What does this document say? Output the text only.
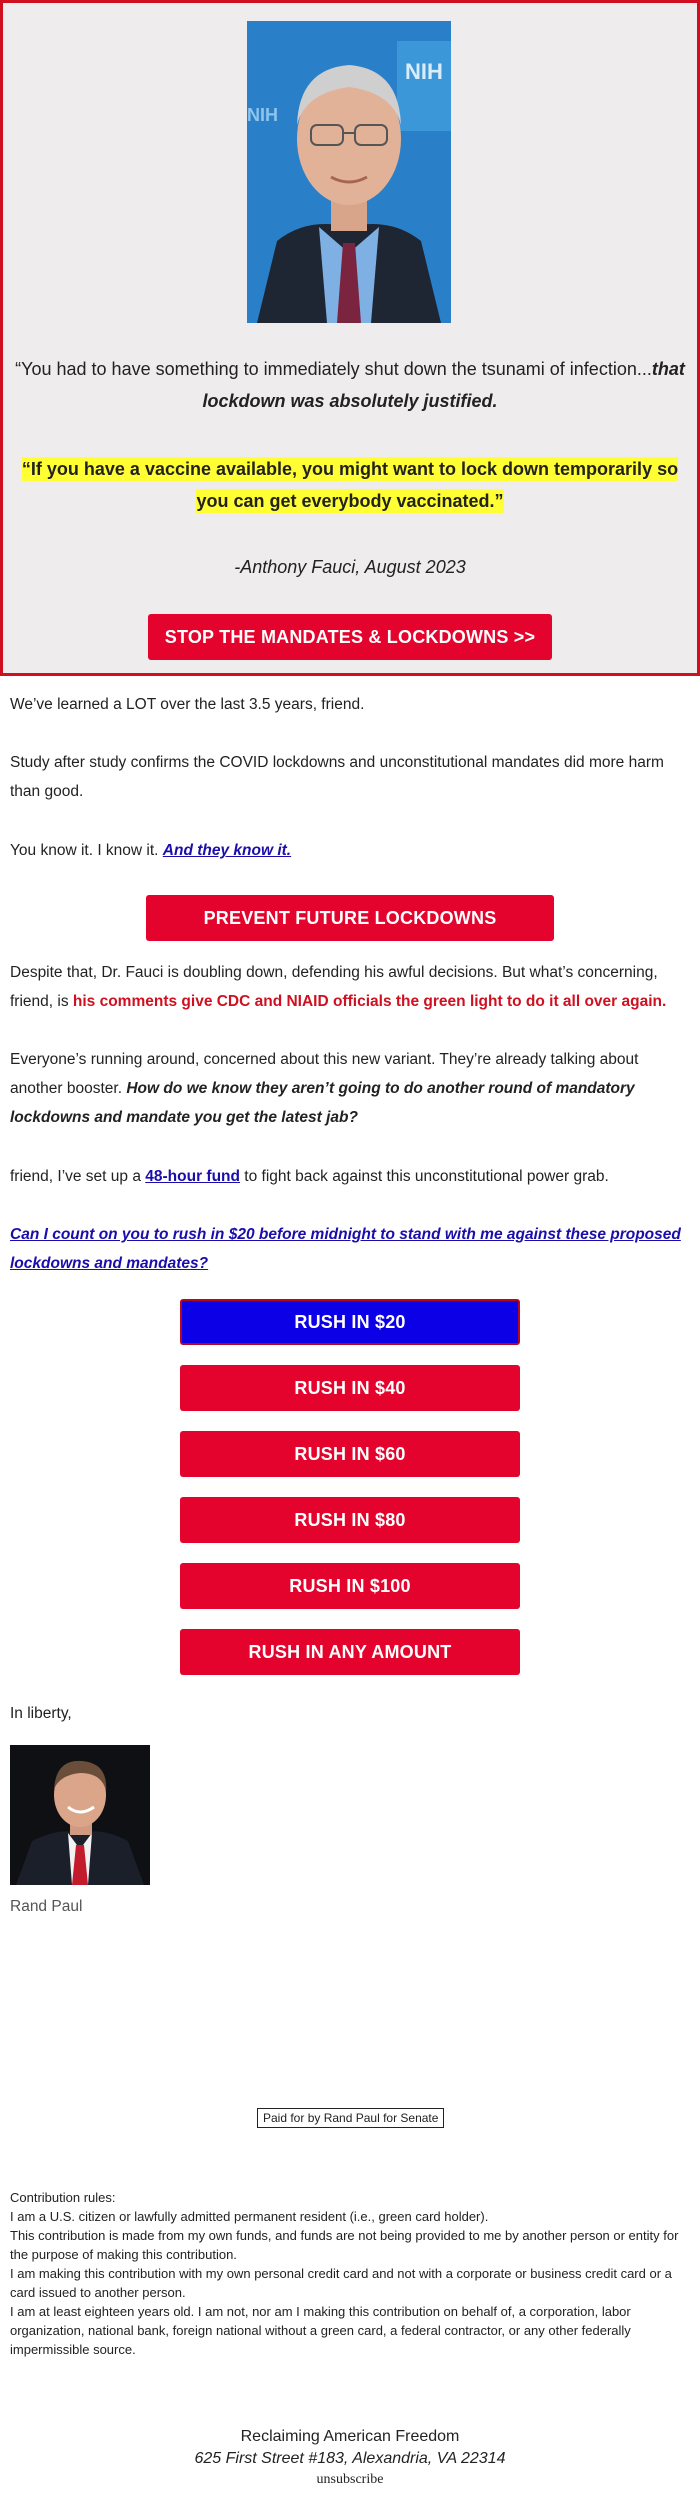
NIH
NIH
“You had to have something to immediately shut down the tsunami of infection...that lockdown was absolutely justified.
“If you have a vaccine available, you might want to lock down temporarily so you can get everybody vaccinated.”
-Anthony Fauci, August 2023
STOP THE MANDATES & LOCKDOWNS >>
We’ve learned a LOT over the last 3.5 years, friend.
Study after study confirms the COVID lockdowns and unconstitutional mandates did more harm than good.
You know it. I know it. And they know it.
PREVENT FUTURE LOCKDOWNS
Despite that, Dr. Fauci is doubling down, defending his awful decisions. But what’s concerning, friend, is his comments give CDC and NIAID officials the green light to do it all over again.
Everyone’s running around, concerned about this new variant. They’re already talking about another booster. How do we know they aren’t going to do another round of mandatory lockdowns and mandate you get the latest jab?
friend, I’ve set up a 48-hour fund to fight back against this unconstitutional power grab.
Can I count on you to rush in $20 before midnight to stand with me against these proposed lockdowns and mandates?
RUSH IN $20
RUSH IN $40
RUSH IN $60
RUSH IN $80
RUSH IN $100
RUSH IN ANY AMOUNT
In liberty,
Rand Paul
Paid for by Rand Paul for Senate
Contribution rules:
I am a U.S. citizen or lawfully admitted permanent resident (i.e., green card holder).
This contribution is made from my own funds, and funds are not being provided to me by another person or entity for the purpose of making this contribution.
I am making this contribution with my own personal credit card and not with a corporate or business credit card or a card issued to another person.
I am at least eighteen years old. I am not, nor am I making this contribution on behalf of, a corporation, labor organization, national bank, foreign national without a green card, a federal contractor, or any other federally impermissible source.
Reclaiming American Freedom
625 First Street #183, Alexandria, VA 22314
unsubscribe
